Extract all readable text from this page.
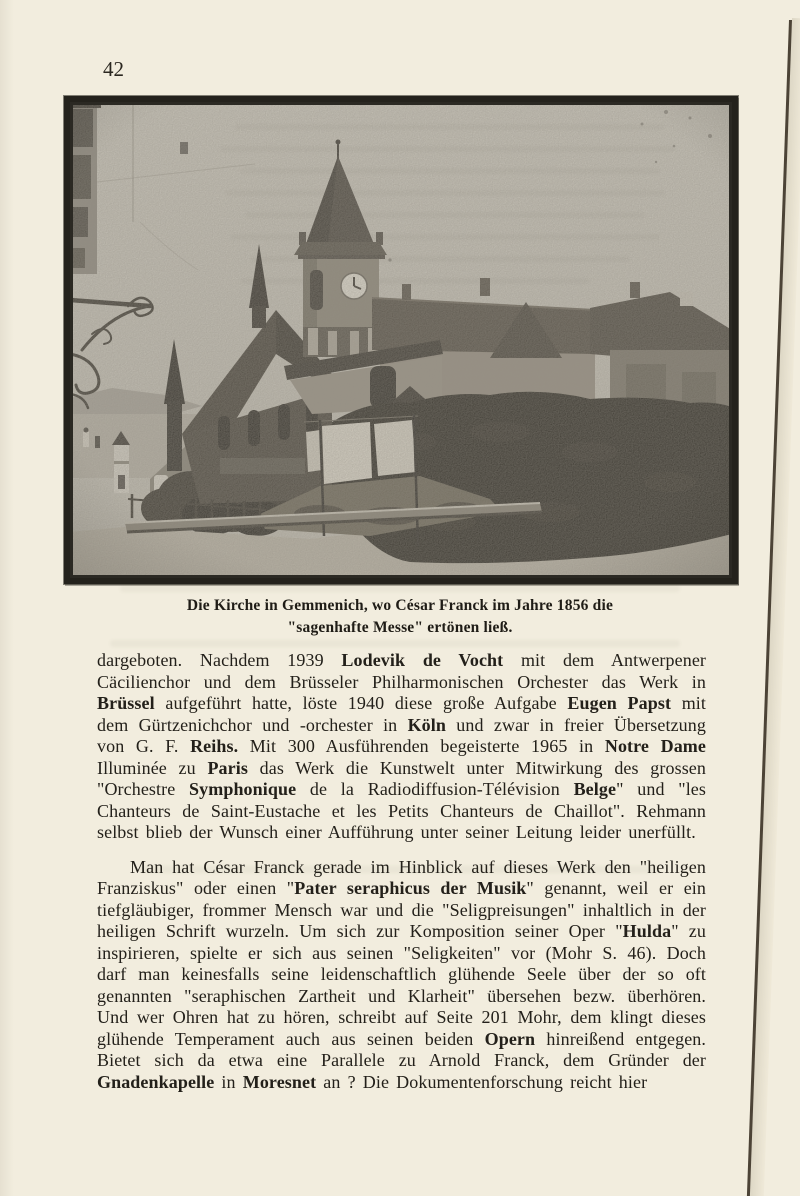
42
Die Kirche in Gemmenich, wo César Franck im Jahre 1856 die
"sagenhafte Messe" ertönen ließ.

dargeboten. Nachdem 1939 Lodevik de Vocht mit dem Antwerpener Cäcilienchor und dem Brüsseler Philharmonischen Orchester das Werk in Brüssel aufgeführt hatte, löste 1940 diese große Aufgabe Eugen Papst mit dem Gürtzenichchor und -orchester in Köln und zwar in freier Übersetzung von G. F. Reihs. Mit 300 Ausführenden begeisterte 1965 in Notre Dame Illuminée zu Paris das Werk die Kunstwelt unter Mitwirkung des grossen "Orchestre Symphonique de la Radiodiffusion-Télévision Belge" und "les Chanteurs de Saint-Eustache et les Petits Chanteurs de Chaillot". Rehmann selbst blieb der Wunsch einer Aufführung unter seiner Leitung leider unerfüllt.

Man hat César Franck gerade im Hinblick auf dieses Werk den "heiligen Franziskus" oder einen "Pater seraphicus der Musik" genannt, weil er ein tiefgläubiger, frommer Mensch war und die "Seligpreisungen" inhaltlich in der heiligen Schrift wurzeln. Um sich zur Komposition seiner Oper "Hulda" zu inspirieren, spielte er sich aus seinen "Seligkeiten" vor (Mohr S. 46). Doch darf man keinesfalls seine leidenschaftlich glühende Seele über der so oft genannten "seraphischen Zartheit und Klarheit" übersehen bezw. überhören. Und wer Ohren hat zu hören, schreibt auf Seite 201 Mohr, dem klingt dieses glühende Temperament auch aus seinen beiden Opern hinreißend entgegen. Bietet sich da etwa eine Parallele zu Arnold Franck, dem Gründer der Gnadenkapelle in Moresnet an ? Die Dokumentenforschung reicht hier
